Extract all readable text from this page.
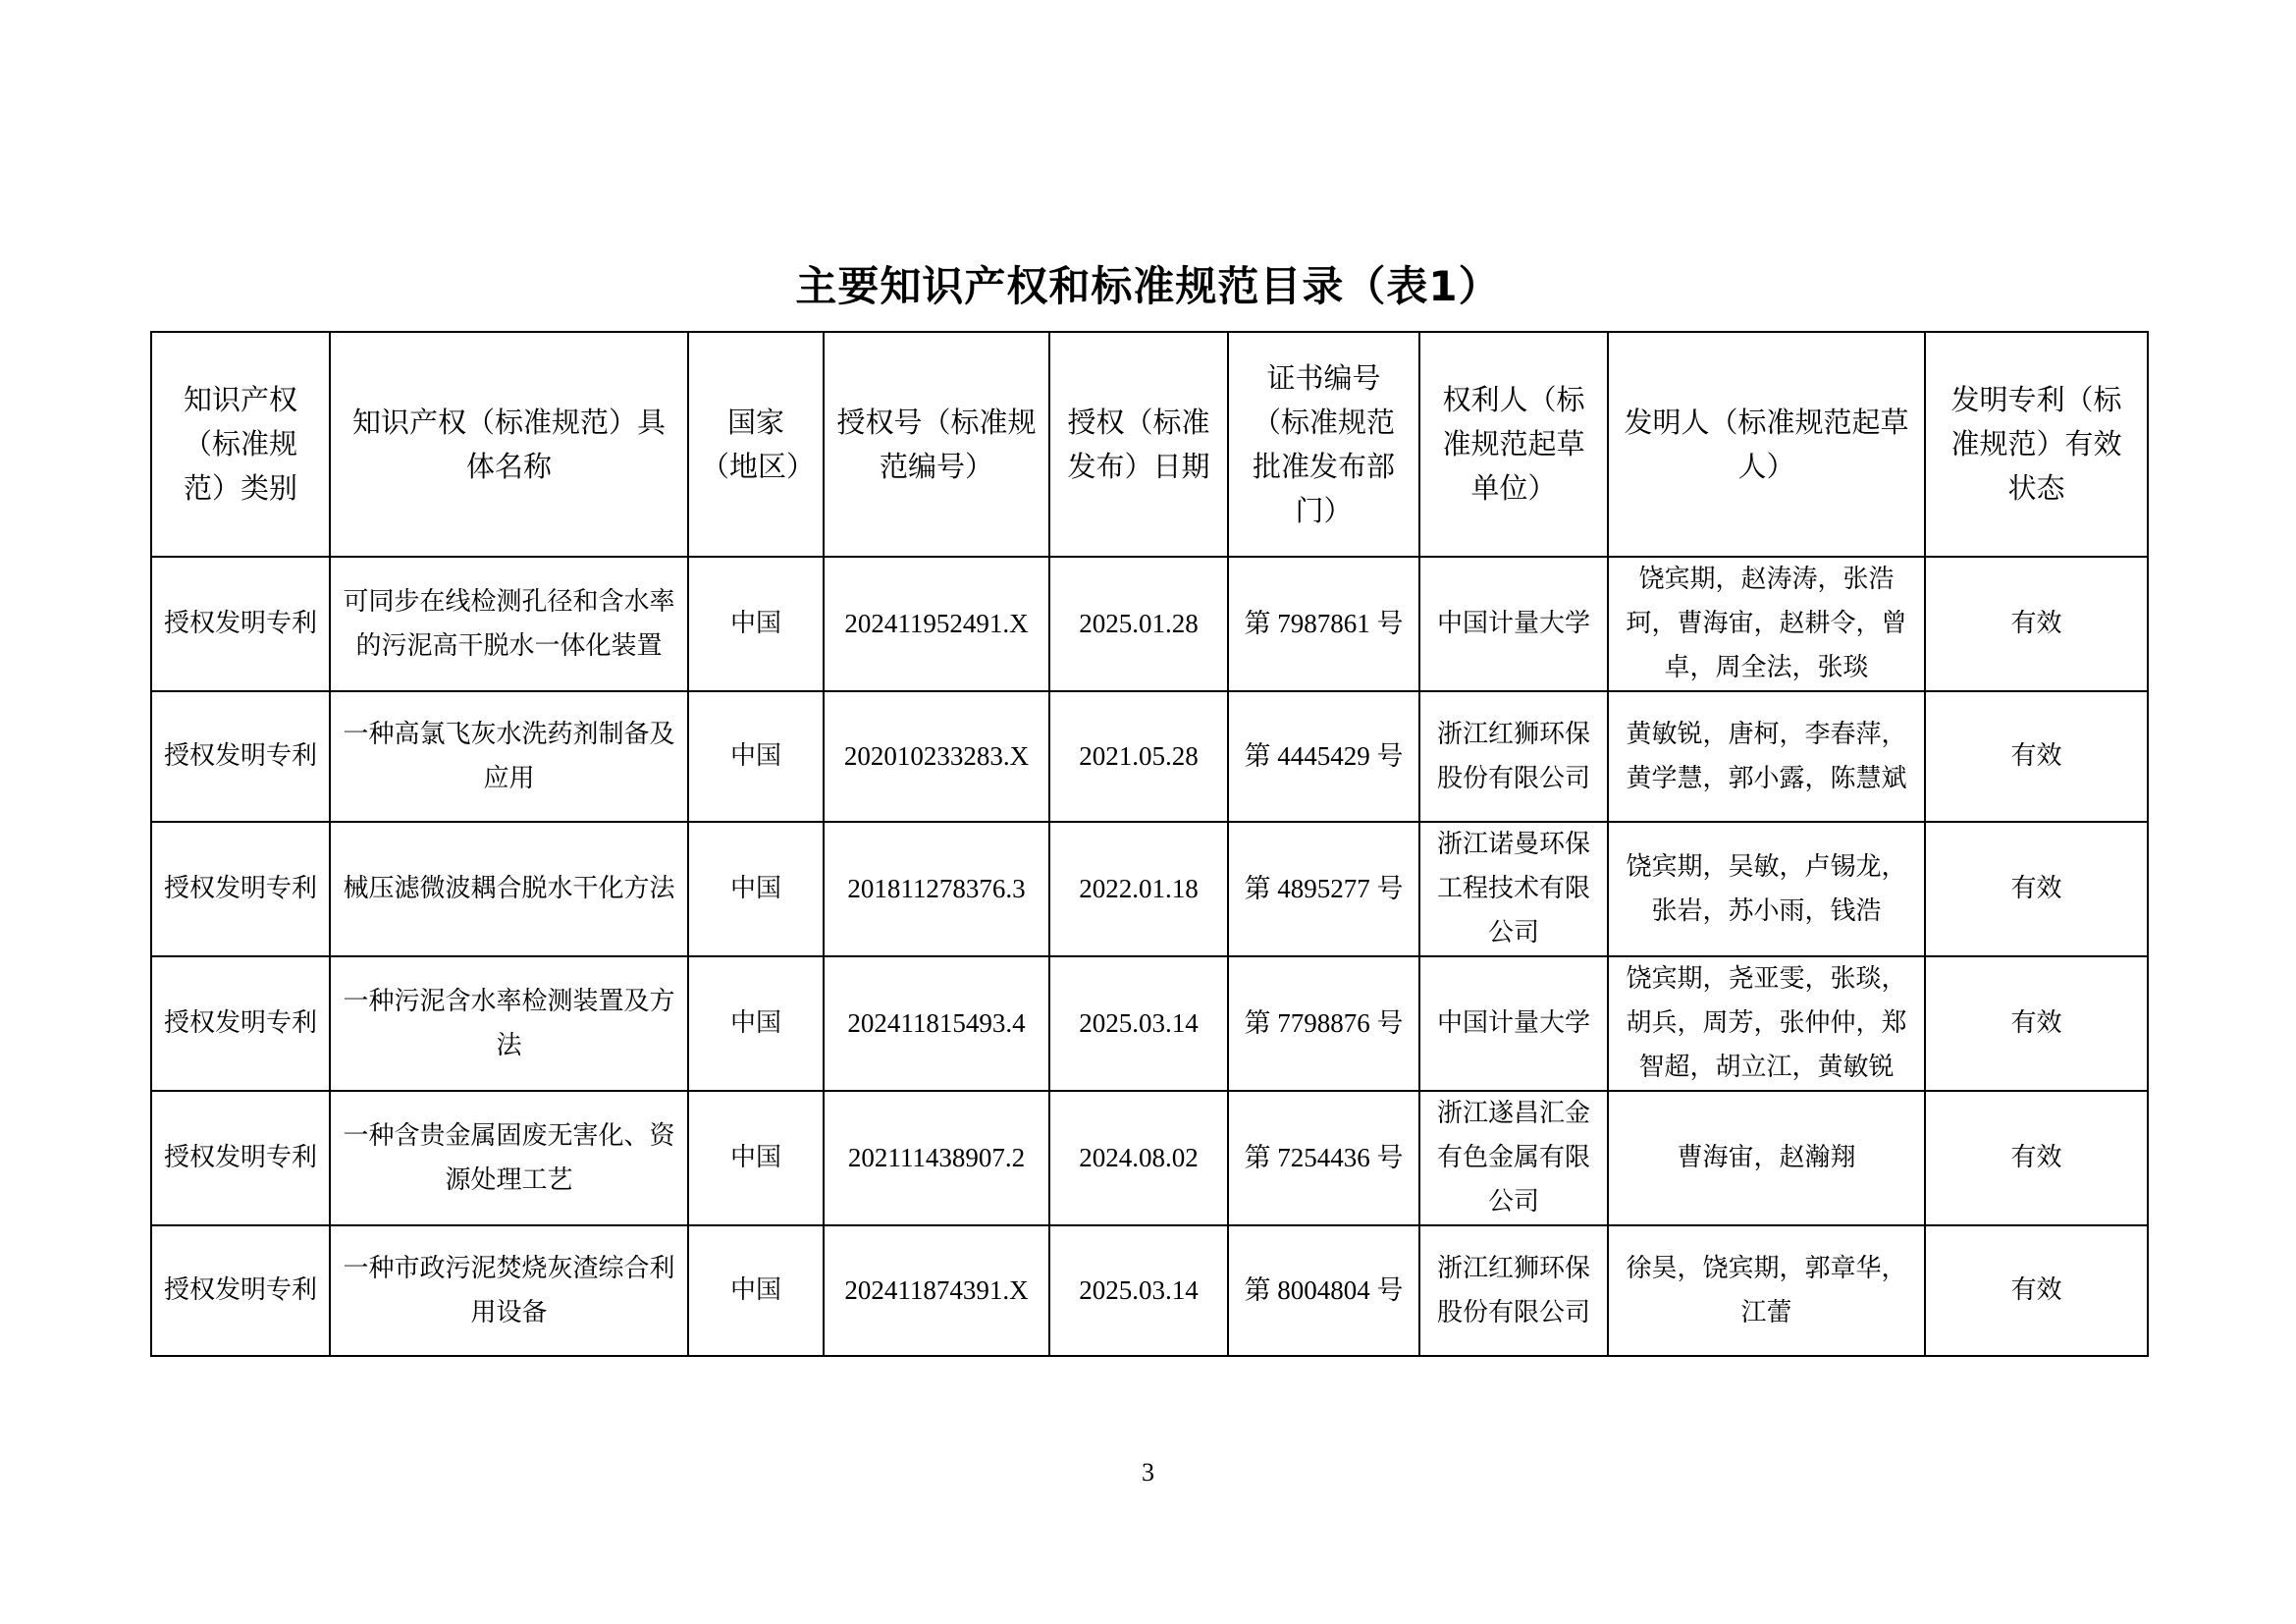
主要知识产权和标准规范目录（表1）
知识产权（标准规范）类别	知识产权（标准规范）具体名称	国家（地区）	授权号（标准规范编号）	授权（标准发布）日期	证书编号（标准规范批准发布部门）	权利人（标准规范起草单位）	发明人（标准规范起草人）	发明专利（标准规范）有效状态
授权发明专利	可同步在线检测孔径和含水率的污泥高干脱水一体化装置	中国	202411952491.X	2025.01.28	第 7987861 号	中国计量大学	饶宾期，赵涛涛，张浩珂，曹海宙，赵耕令，曾卓，周全法，张琰	有效
授权发明专利	一种高氯飞灰水洗药剂制备及应用	中国	202010233283.X	2021.05.28	第 4445429 号	浙江红狮环保股份有限公司	黄敏锐，唐柯，李春萍，黄学慧，郭小露，陈慧斌	有效
授权发明专利	械压滤微波耦合脱水干化方法	中国	201811278376.3	2022.01.18	第 4895277 号	浙江诺曼环保工程技术有限公司	饶宾期，吴敏，卢锡龙，张岩，苏小雨，钱浩	有效
授权发明专利	一种污泥含水率检测装置及方法	中国	202411815493.4	2025.03.14	第 7798876 号	中国计量大学	饶宾期，尧亚雯，张琰，胡兵，周芳，张仲仲，郑智超，胡立江，黄敏锐	有效
授权发明专利	一种含贵金属固废无害化、资源处理工艺	中国	202111438907.2	2024.08.02	第 7254436 号	浙江遂昌汇金有色金属有限公司	曹海宙，赵瀚翔	有效
授权发明专利	一种市政污泥焚烧灰渣综合利用设备	中国	202411874391.X	2025.03.14	第 8004804 号	浙江红狮环保股份有限公司	徐昊，饶宾期，郭章华，江蕾	有效
3
